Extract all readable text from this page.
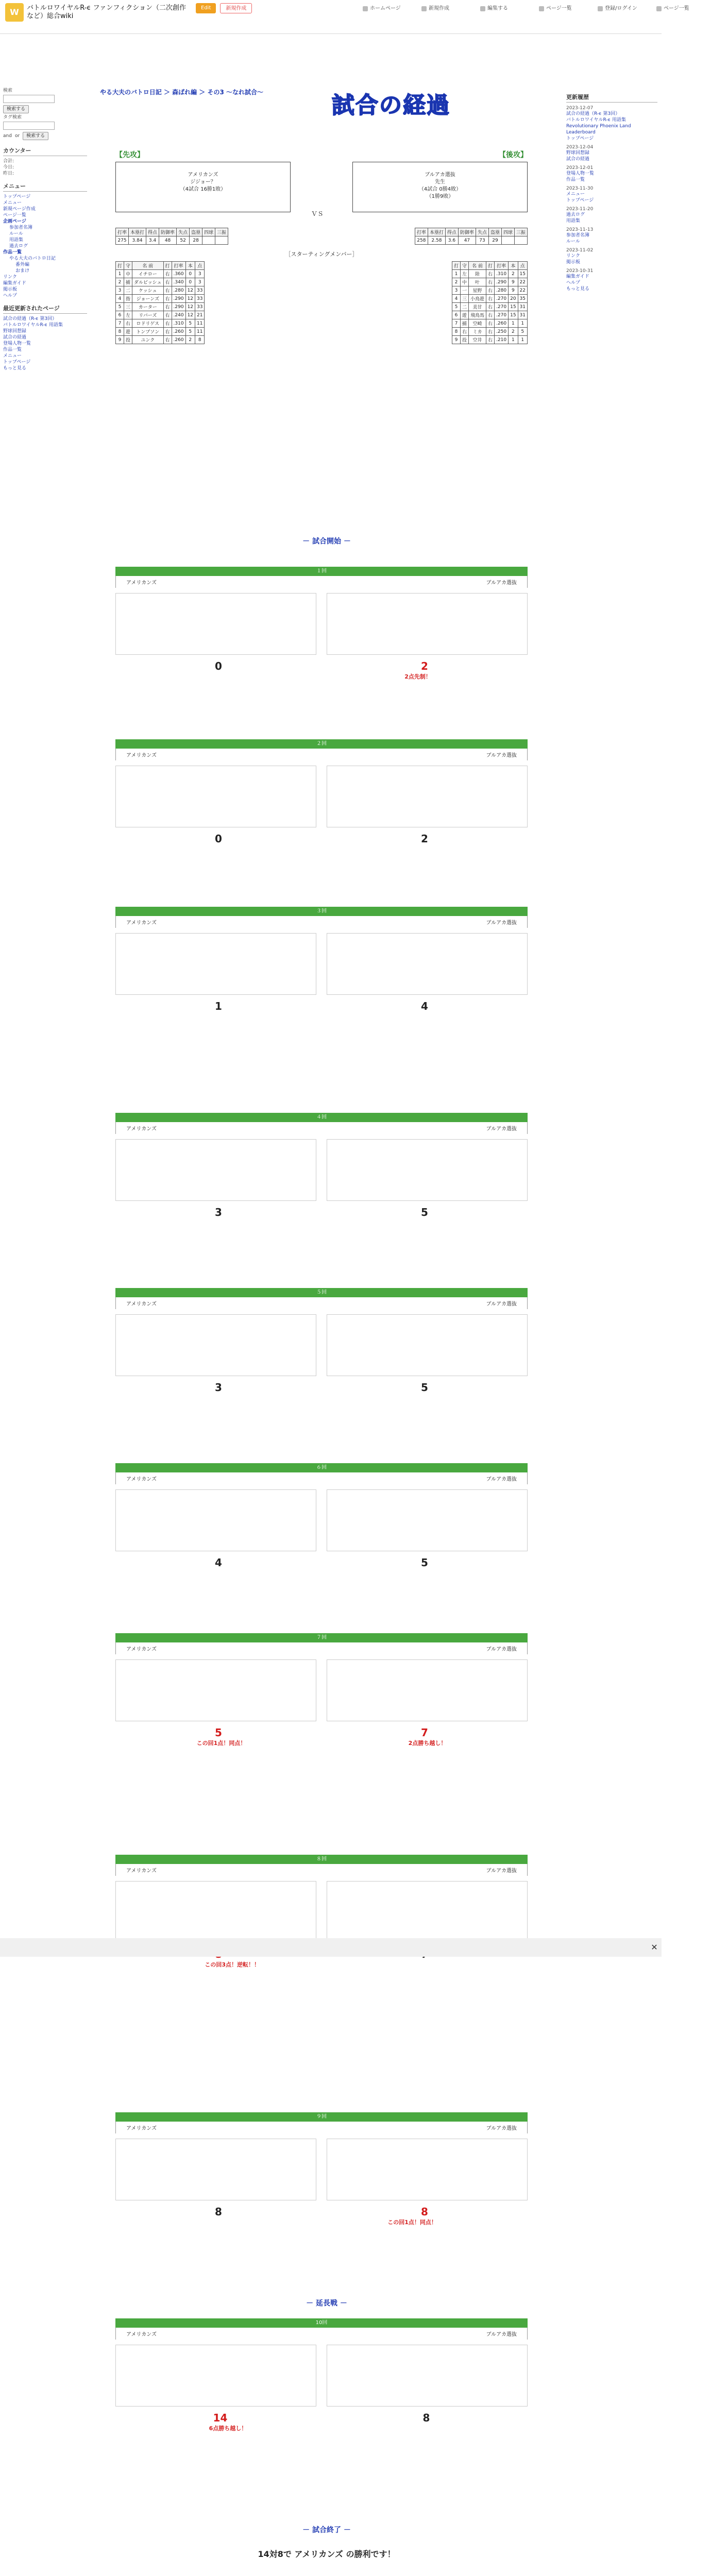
W	バトルロワイヤルR-ϵ ファンフィクション（二次創作など）総合wiki
Edit	新規作成	ホームページ	新規作成	編集する	ページ一覧	登録/ログイン	ページ一覧
検索
検索する
タグ検索
and or	検索する
カウンター
合計:
今日:
昨日:
メニュー
トップページ
メニュー
新規ページ作成
ページ一覧
企画ページ
参加者名簿
ルール
用語集
過去ログ
作品一覧
やる大夫のバトロ日記
番外編
おまけ
リンク
編集ガイド
掲示板
ヘルプ
最近更新されたページ
試合の経過（R-ϵ 第3回）
バトルロワイヤルR-ϵ 用語集
野球回想録
試合の経過
登場人物一覧
作品一覧
メニュー
トップページ
もっと見る
やる大夫のバトロ日記 ＞ 森ばれ編 ＞ その3 〜なれ試合〜	試合の経過
【先攻】	【後攻】
アメリカンズ
ジジョー？
（4試合 16勝1敗）
ＶＳ
ブルアカ選抜
先生
（4試合 0勝4敗）
（1勝9敗）
打率	本塁打	得点	防御率	失点	盗塁	四球	三振
275	3.84	3.4	48	52	28		
打率	本塁打	得点	防御率	失点	盗塁	四球	三振
258	2.58	3.6	47	73	29		
［スターティングメンバー］
打	守	名 前	打	打率	本	点
1	中	イチロー	右	.360	0	3
2	捕	ダルビッシュ	右	.340	0	3
3	二	ケッシュ	右	.280	12	33
4	指	ジョーンズ	右	.290	12	33
5	三	カーター	右	.290	12	33
6	左	リバーズ	右	.240	12	21
7	右	ロドリゲス	右	.310	5	11
8	遊	トンプソン	右	.260	5	11
9	投	ユンク	右	.260	2	8
打	守	名 前	打	打率	本	点
1	左	陸	右	.310	2	15
2	中	叶	右	.290	9	22
3	一	星野	右	.280	9	22
4	三	小鳥遊	右	.270	20	35
5	二	美甘	右	.270	15	31
6	遊	飛鳥馬	右	.270	15	31
7	捕	空崎	右	.260	1	1
8	右	ミカ	右	.250	2	5
9	投	空井	右	.210	1	1
－ 試合開始 －
１回
アメリカンズ	ブルアカ選抜
0	2
2点先制！
２回
アメリカンズ	ブルアカ選抜
0	2
３回
アメリカンズ	ブルアカ選抜
1	4
４回
アメリカンズ	ブルアカ選抜
3	5
５回
アメリカンズ	ブルアカ選抜
3	5
６回
アメリカンズ	ブルアカ選抜
4	5
７回
アメリカンズ	ブルアカ選抜
5	7
この回1点！同点！	2点勝ち越し！
８回
アメリカンズ	ブルアカ選抜
この回3点！逆転！！
９回
アメリカンズ	ブルアカ選抜
8	8
この回1点！同点！
－ 延長戦 －
10回
アメリカンズ	ブルアカ選抜
14	8
6点勝ち越し！
－ 試合終了 －
14対8で アメリカンズ の勝利です！

更新履歴
2023-12-07
試合の経過（R-ϵ 第3回）
バトルロワイヤルR-ϵ 用語集
Revolutionary Phoenix Land Leaderboard
トップページ
2023-12-04
野球回想録
試合の経過
2023-12-01
登場人物一覧
作品一覧
2023-11-30
メニュー
トップページ
2023-11-20
過去ログ
用語集
2023-11-13
参加者名簿
ルール
2023-11-02
リンク
掲示板
2023-10-31
編集ガイド
ヘルプ
もっと見る
✕
